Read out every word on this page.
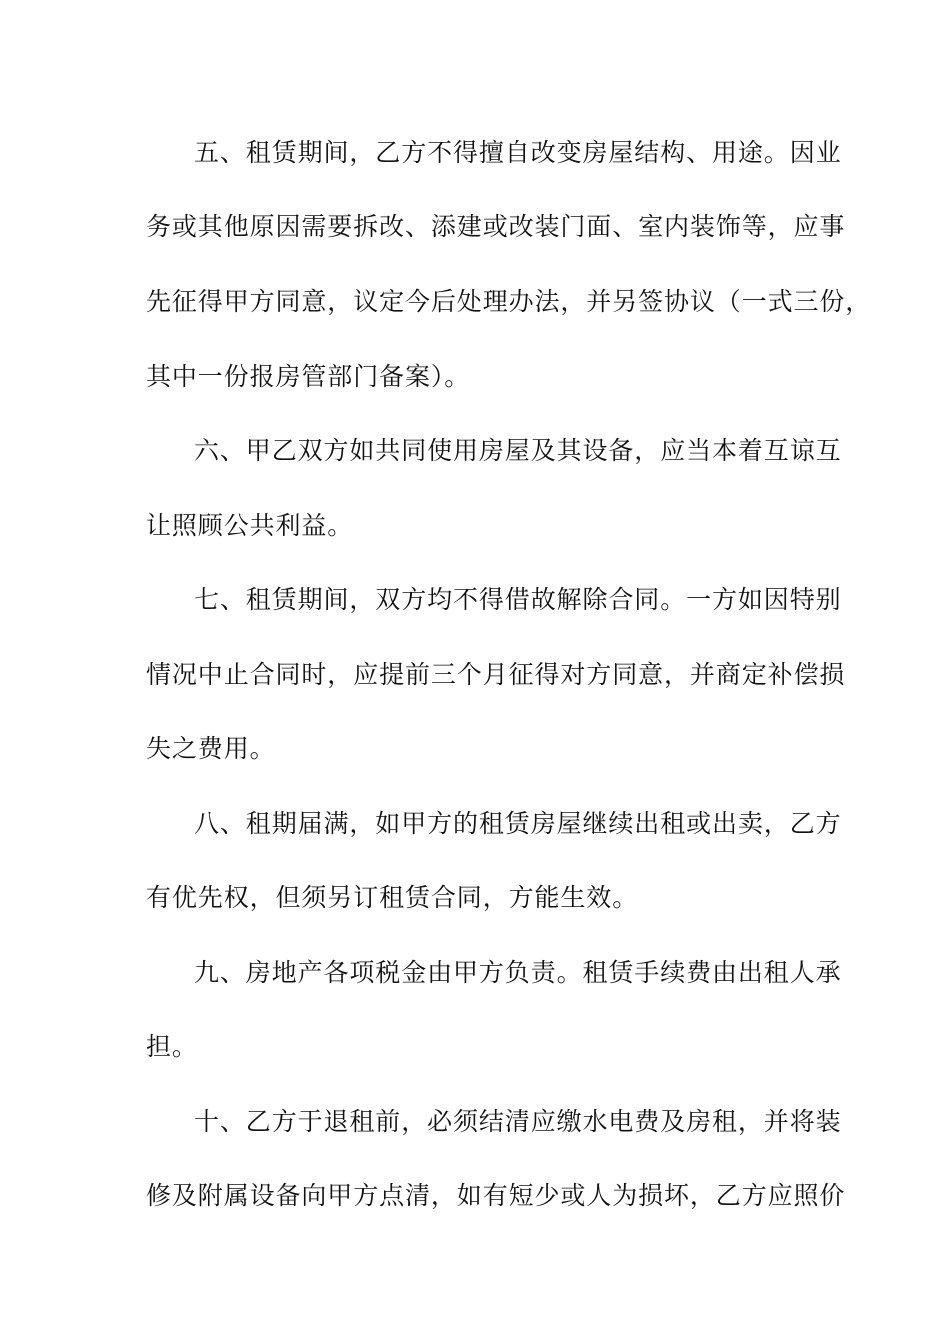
五、租赁期间，乙方不得擅自改变房屋结构、用途。因业
务或其他原因需要拆改、添建或改装门面、室内装饰等，应事
先征得甲方同意，议定今后处理办法，并另签协议（一式三份，
其中一份报房管部门备案）。
六、甲乙双方如共同使用房屋及其设备，应当本着互谅互
让照顾公共利益。
七、租赁期间，双方均不得借故解除合同。一方如因特别
情况中止合同时，应提前三个月征得对方同意，并商定补偿损
失之费用。
八、租期届满，如甲方的租赁房屋继续出租或出卖，乙方
有优先权，但须另订租赁合同，方能生效。
九、房地产各项税金由甲方负责。租赁手续费由出租人承
担。
十、乙方于退租前，必须结清应缴水电费及房租，并将装
修及附属设备向甲方点清，如有短少或人为损坏，乙方应照价
